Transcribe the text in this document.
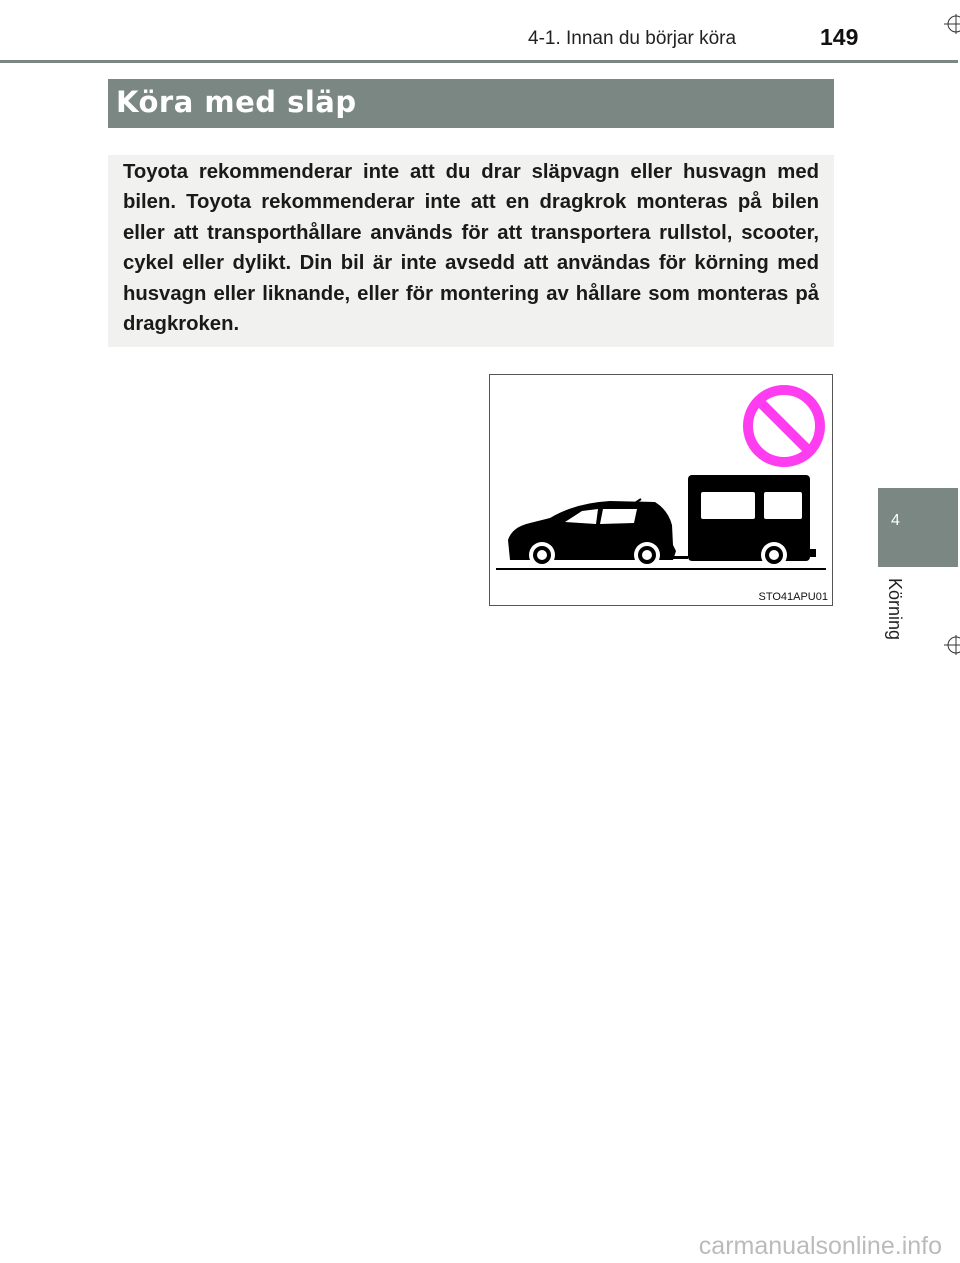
4-1. Innan du börjar köra	149
Köra med släp

Toyota rekommenderar inte att du drar släpvagn eller husvagn med bilen. Toyota rekommenderar inte att en dragkrok monteras på bilen eller att transporthållare används för att transportera rullstol, scooter, cykel eller dylikt. Din bil är inte avsedd att användas för körning med husvagn eller liknande, eller för montering av hållare som monteras på dragkroken.

STO41APU01
4
Körning
carmanualsonline.info
